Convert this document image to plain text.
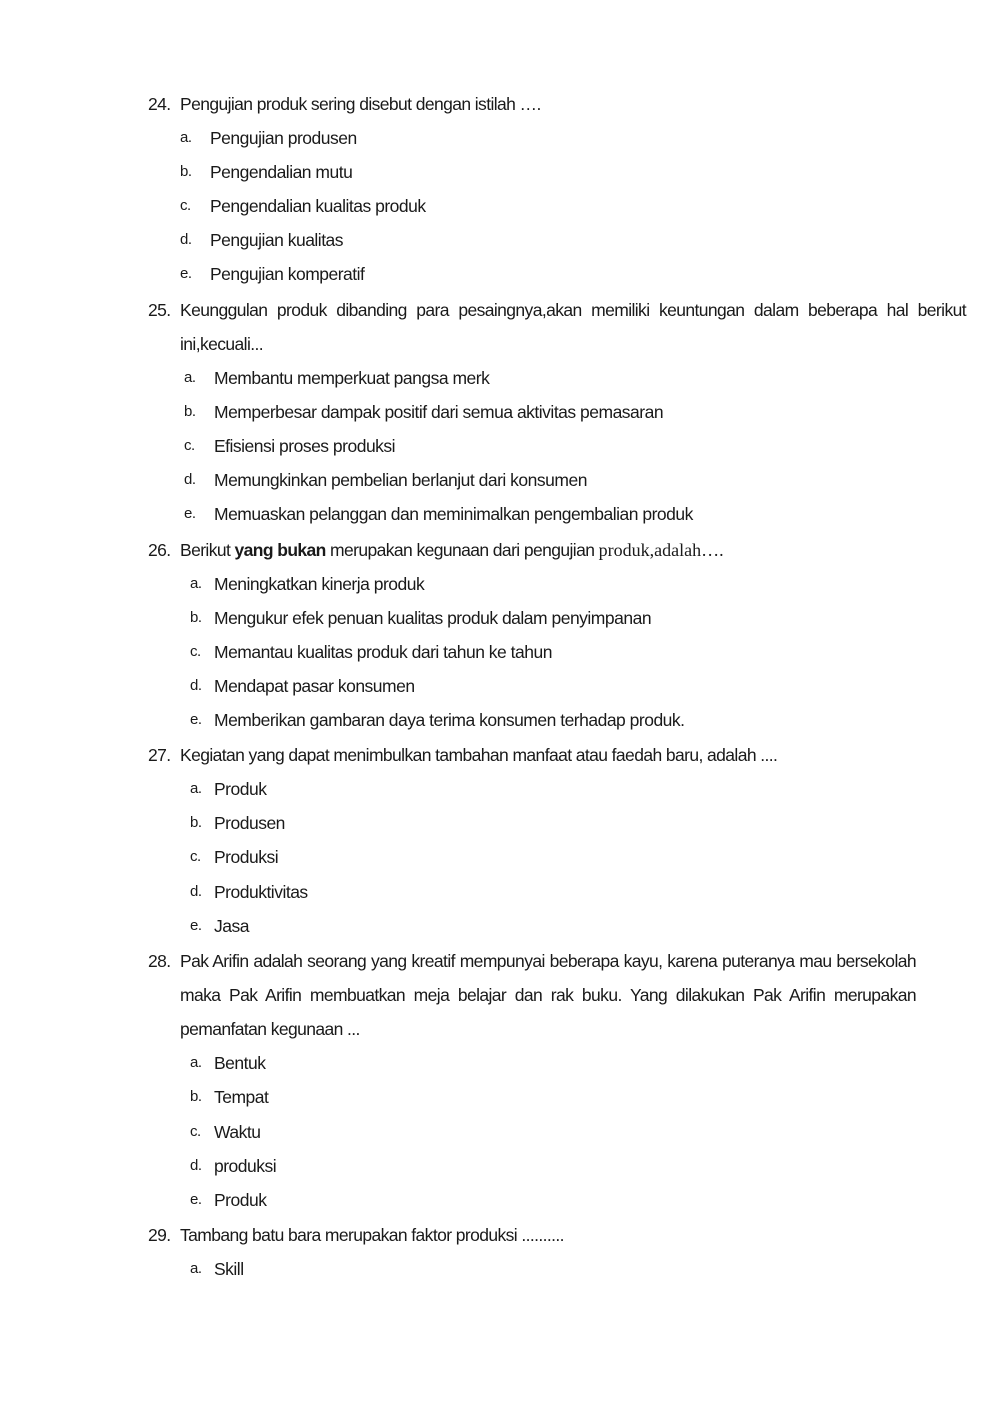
24. Pengujian produk sering disebut dengan istilah ….
a. Pengujian produsen
b. Pengendalian mutu
c. Pengendalian kualitas produk
d. Pengujian kualitas
e. Pengujian komperatif
25. Keunggulan produk dibanding para pesaingnya,akan memiliki keuntungan dalam beberapa hal berikut ini,kecuali...
a. Membantu memperkuat pangsa merk
b. Memperbesar dampak positif dari semua aktivitas pemasaran
c. Efisiensi proses produksi
d. Memungkinkan pembelian berlanjut dari konsumen
e. Memuaskan pelanggan dan meminimalkan pengembalian produk
26. Berikut yang bukan merupakan kegunaan dari pengujian produk,adalah….
a. Meningkatkan kinerja produk
b. Mengukur efek penuan kualitas produk dalam penyimpanan
c. Memantau kualitas produk dari tahun ke tahun
d. Mendapat pasar konsumen
e. Memberikan gambaran daya terima konsumen terhadap produk.
27. Kegiatan yang dapat menimbulkan tambahan manfaat atau faedah baru, adalah ....
a. Produk
b. Produsen
c. Produksi
d. Produktivitas
e. Jasa
28. Pak Arifin adalah seorang yang kreatif mempunyai beberapa kayu, karena puteranya mau bersekolah maka Pak Arifin membuatkan meja belajar dan rak buku. Yang dilakukan Pak Arifin merupakan pemanfatan kegunaan ...
a. Bentuk
b. Tempat
c. Waktu
d. produksi
e. Produk
29. Tambang batu bara merupakan faktor produksi ..........
a. Skill
